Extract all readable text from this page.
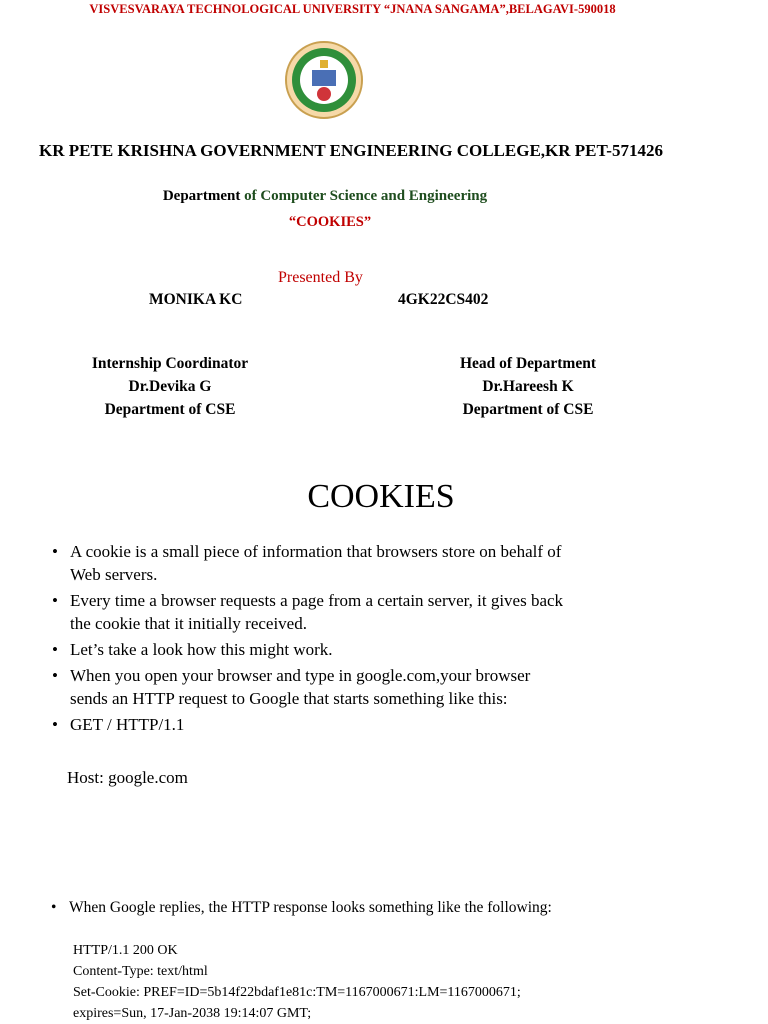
VISVESVARAYA TECHNOLOGICAL UNIVERSITY “JNANA SANGAMA”,BELAGAVI-590018
KR PETE KRISHNA GOVERNMENT ENGINEERING COLLEGE,KR PET-571426
Department of Computer Science and Engineering
“COOKIES”
Presented By
MONIKA KC	4GK22CS402
Internship Coordinator
Dr.Devika G
Department of CSE
Head of Department
Dr.Hareesh K
Department of CSE
COOKIES
• A cookie is a small piece of information that browsers store on behalf of Web servers.
• Every time a browser requests a page from a certain server, it gives back the cookie that it initially received.
• Let’s take a look how this might work.
• When you open your browser and type in google.com,your browser sends an HTTP request to Google that starts something like this:
• GET / HTTP/1.1
Host: google.com
• When Google replies, the HTTP response looks something like the following:
HTTP/1.1 200 OK
Content-Type: text/html
Set-Cookie: PREF=ID=5b14f22bdaf1e81c:TM=1167000671:LM=1167000671;
expires=Sun, 17-Jan-2038 19:14:07 GMT;
